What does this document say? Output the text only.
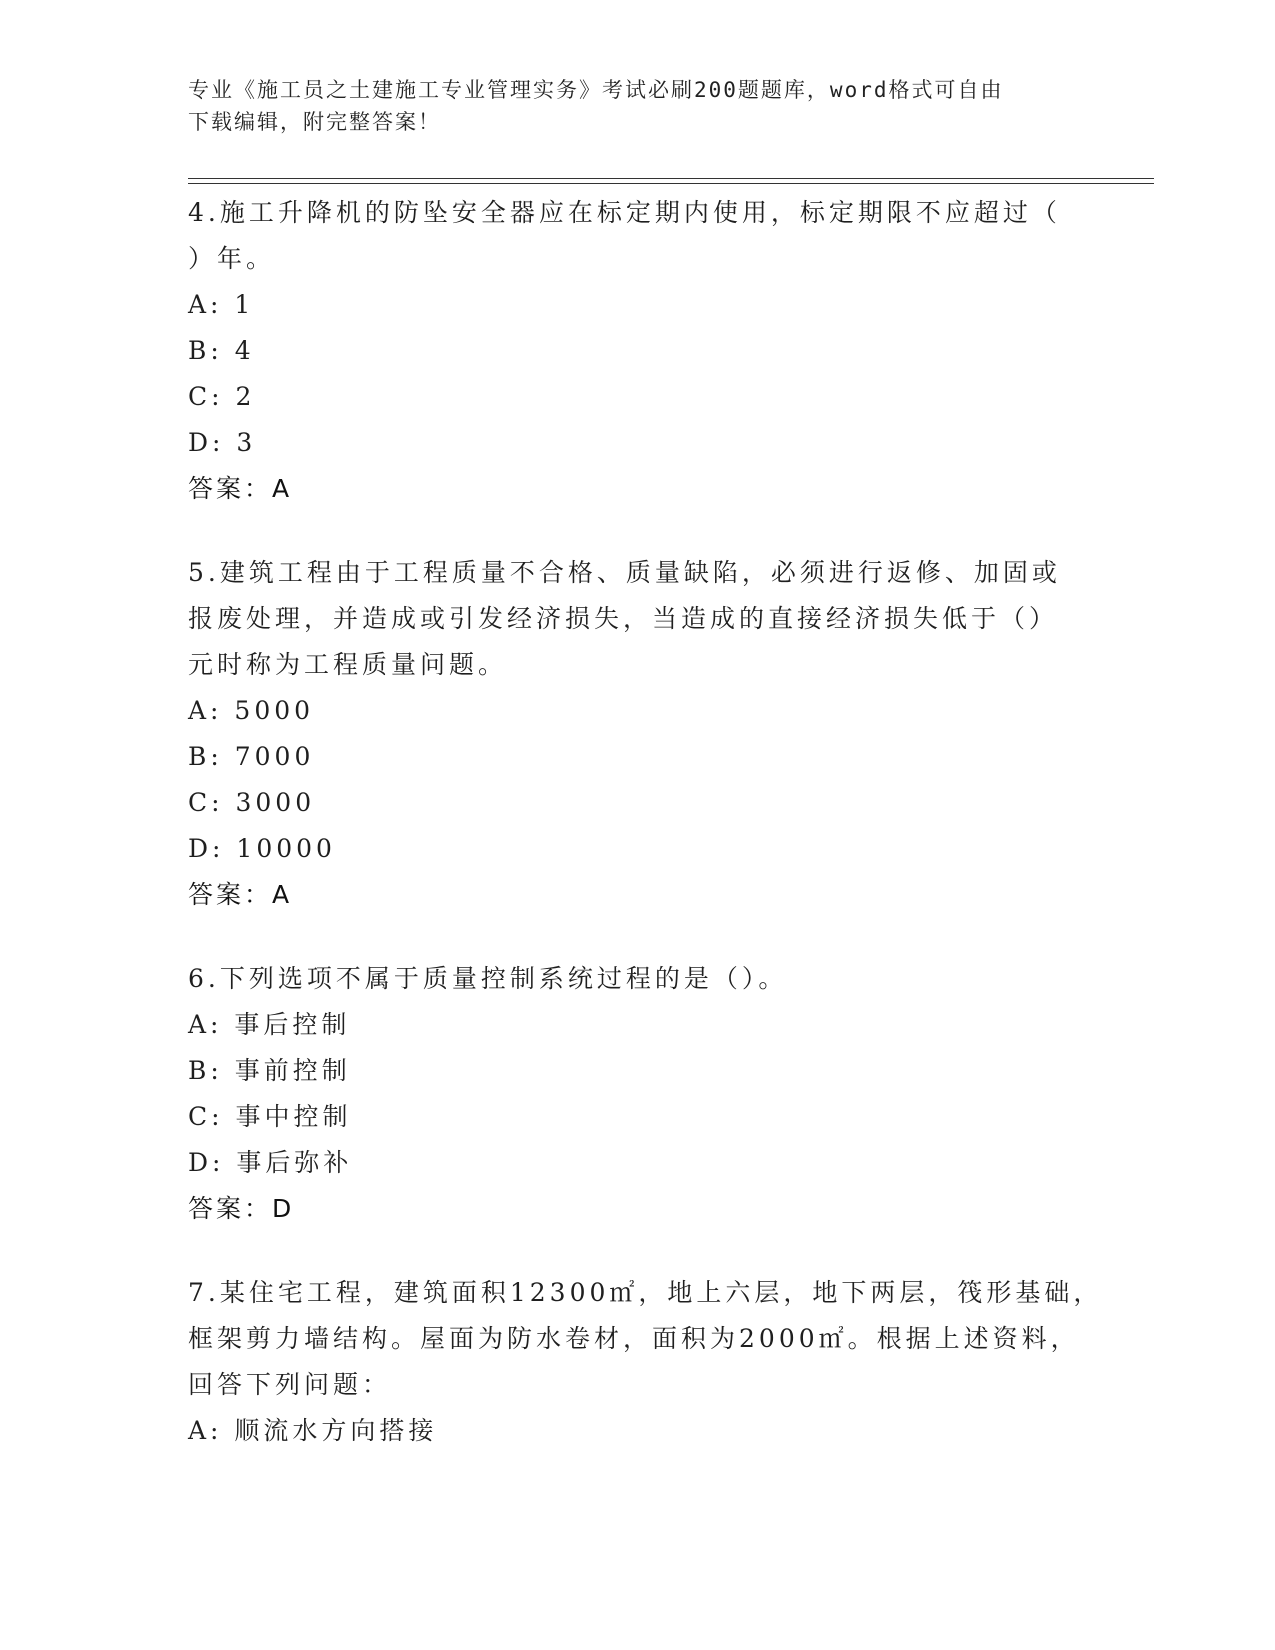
专业《施工员之土建施工专业管理实务》考试必刷200题题库，word格式可自由
下载编辑，附完整答案！
4.施工升降机的防坠安全器应在标定期内使用，标定期限不应超过（
）年。
A: 1
B: 4
C: 2
D: 3
答案：A
5.建筑工程由于工程质量不合格、质量缺陷，必须进行返修、加固或
报废处理，并造成或引发经济损失，当造成的直接经济损失低于（）
元时称为工程质量问题。
A: 5000
B: 7000
C: 3000
D: 10000
答案：A
6.下列选项不属于质量控制系统过程的是（）。
A: 事后控制
B: 事前控制
C: 事中控制
D: 事后弥补
答案：D
7.某住宅工程，建筑面积12300㎡，地上六层，地下两层，筏形基础，
框架剪力墙结构。屋面为防水卷材，面积为2000㎡。根据上述资料，
回答下列问题：
A: 顺流水方向搭接
